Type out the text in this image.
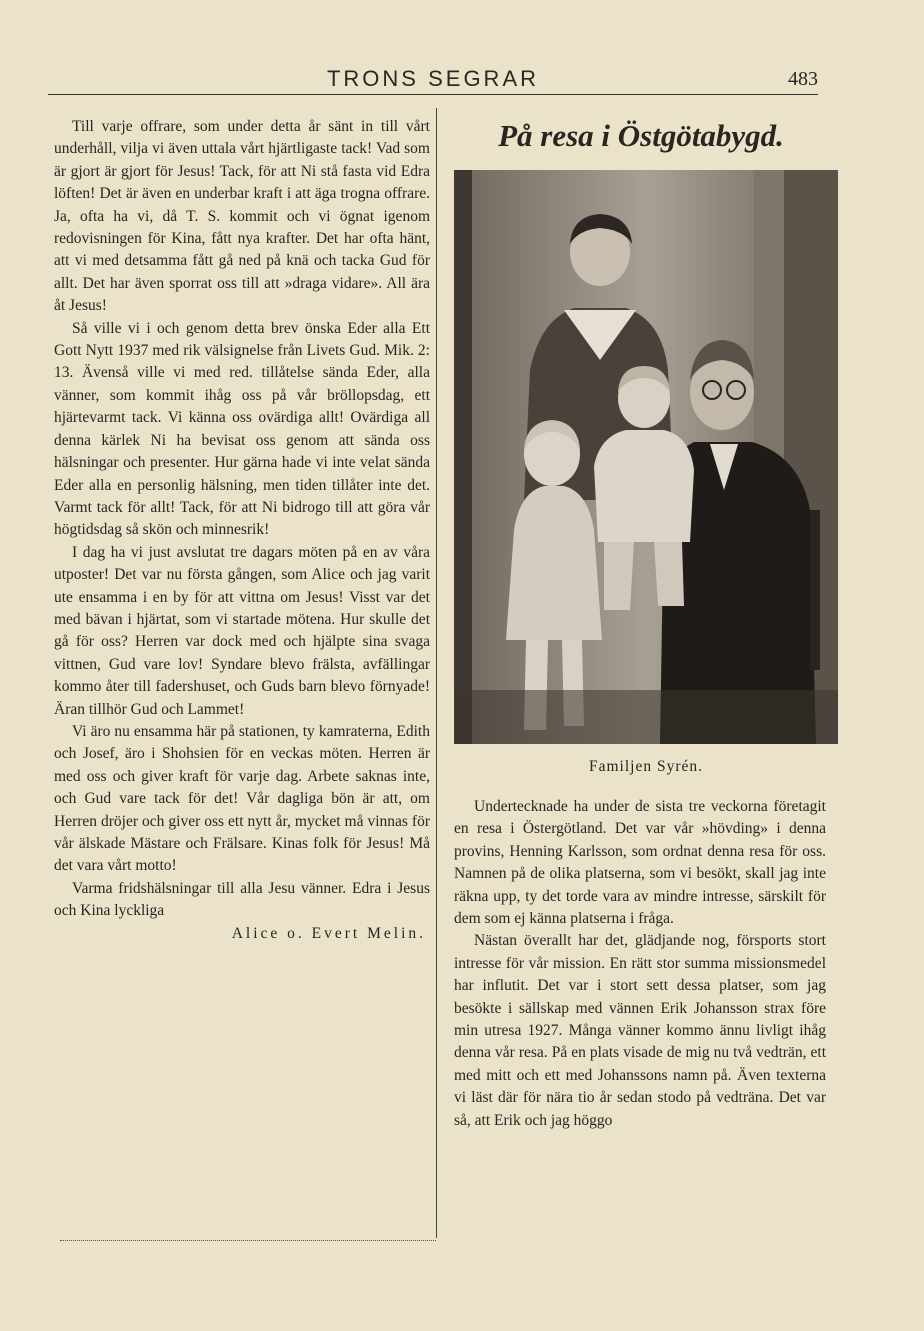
TRONS SEGRAR	483

Till varje offrare, som under detta år sänt in till vårt underhåll, vilja vi även uttala vårt hjärtligaste tack! Vad som är gjort är gjort för Jesus! Tack, för att Ni stå fasta vid Edra löften! Det är även en underbar kraft i att äga trogna offrare. Ja, ofta ha vi, då T. S. kommit och vi ögnat igenom redovisningen för Kina, fått nya krafter. Det har ofta hänt, att vi med detsamma fått gå ned på knä och tacka Gud för allt. Det har även sporrat oss till att »draga vidare». All ära åt Jesus!

Så ville vi i och genom detta brev önska Eder alla Ett Gott Nytt 1937 med rik välsignelse från Livets Gud. Mik. 2: 13. Ävenså ville vi med red. tillåtelse sända Eder, alla vänner, som kommit ihåg oss på vår bröllopsdag, ett hjärtevarmt tack. Vi känna oss ovärdiga allt! Ovärdiga all denna kärlek Ni ha bevisat oss genom att sända oss hälsningar och presenter. Hur gärna hade vi inte velat sända Eder alla en personlig hälsning, men tiden tillåter inte det. Varmt tack för allt! Tack, för att Ni bidrogo till att göra vår högtidsdag så skön och minnesrik!

I dag ha vi just avslutat tre dagars möten på en av våra utposter! Det var nu första gången, som Alice och jag varit ute ensamma i en by för att vittna om Jesus! Visst var det med bävan i hjärtat, som vi startade mötena. Hur skulle det gå för oss? Herren var dock med och hjälpte sina svaga vittnen, Gud vare lov! Syndare blevo frälsta, avfällingar kommo åter till fadershuset, och Guds barn blevo förnyade! Äran tillhör Gud och Lammet!

Vi äro nu ensamma här på stationen, ty kamraterna, Edith och Josef, äro i Shohsien för en veckas möten. Herren är med oss och giver kraft för varje dag. Arbete saknas inte, och Gud vare tack för det! Vår dagliga bön är att, om Herren dröjer och giver oss ett nytt år, mycket må vinnas för vår älskade Mästare och Frälsare. Kinas folk för Jesus! Må det vara vårt motto!

Varma fridshälsningar till alla Jesu vänner. Edra i Jesus och Kina lyckliga

Alice o. Evert Melin.

På resa i Östgötabygd.
Familjen Syrén.

Undertecknade ha under de sista tre veckorna företagit en resa i Östergötland. Det var vår »hövding» i denna provins, Henning Karlsson, som ordnat denna resa för oss. Namnen på de olika platserna, som vi besökt, skall jag inte räkna upp, ty det torde vara av mindre intresse, särskilt för dem som ej känna platserna i fråga.

Nästan överallt har det, glädjande nog, försports stort intresse för vår mission. En rätt stor summa missionsmedel har influtit. Det var i stort sett dessa platser, som jag besökte i sällskap med vännen Erik Johansson strax före min utresa 1927. Många vänner kommo ännu livligt ihåg denna vår resa. På en plats visade de mig nu två vedträn, ett med mitt och ett med Johanssons namn på. Även texterna vi läst där för nära tio år sedan stodo på vedträna. Det var så, att Erik och jag höggo
